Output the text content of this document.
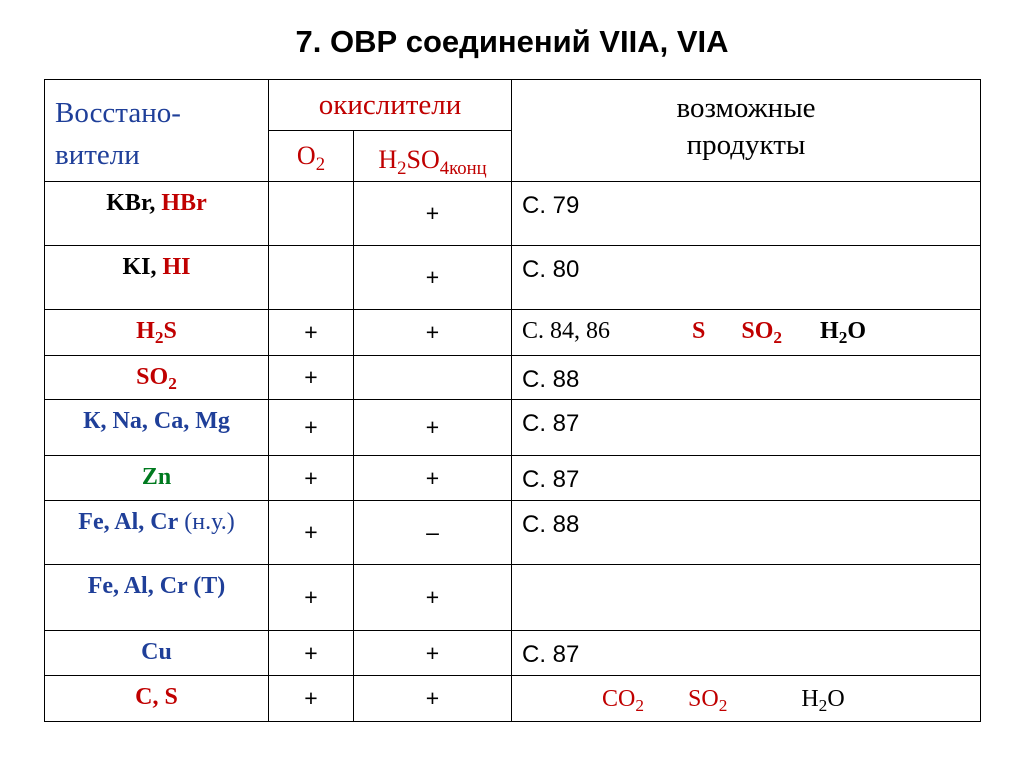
7. ОВР соединений VIIA, VIA
Восстано-
вители	окислители		возможные
продукты
	$O_2$	$H_2SO_{4конц}$
KBr, HBr		+	С. 79
KI, HI		+	С. 80
$H_2S$	+	+	С. 84, 86 S $SO_2$ $H_2O$
$SO_2$	+		С. 88
К, Na, Ca, Mg	+	+	С. 87
Zn	+	+	С. 87
Fe, Al, Cr (н.у.)	+	–	С. 88
Fe, Al, Cr (Т)	+	+	
Cu	+	+	С. 87
C, S	+	+	$CO_2$ $SO_2$ $H_2O$
